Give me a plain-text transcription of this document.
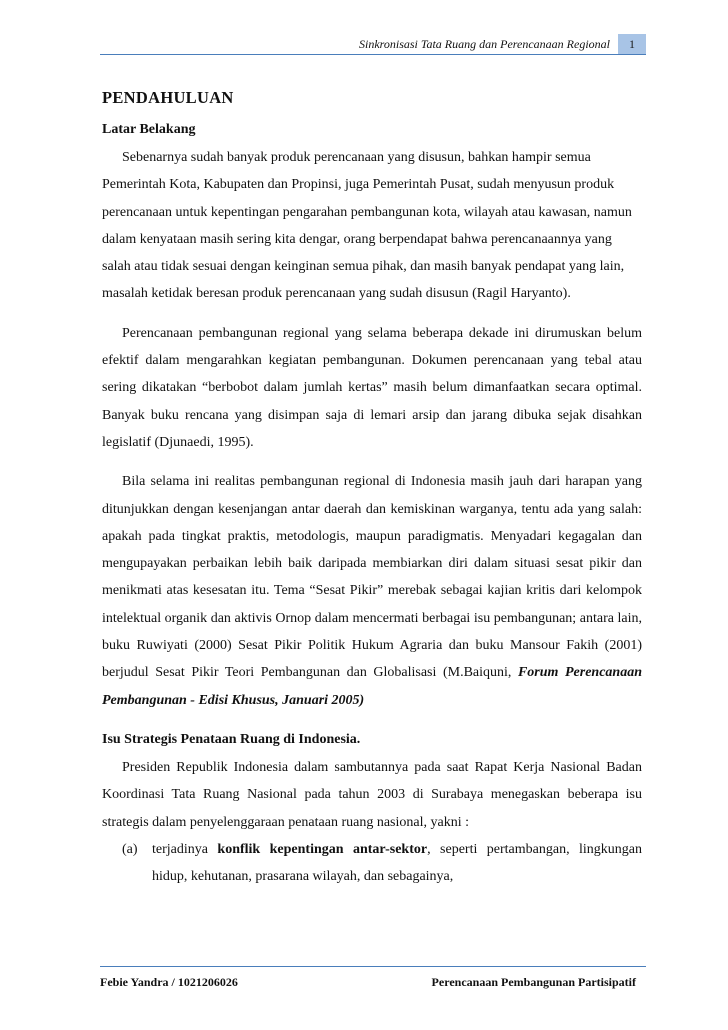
Sinkronisasi Tata Ruang dan Perencanaan Regional	1
PENDAHULUAN
Latar Belakang

Sebenarnya sudah banyak produk perencanaan yang disusun, bahkan hampir semua Pemerintah Kota, Kabupaten dan Propinsi, juga Pemerintah Pusat, sudah menyusun produk perencanaan untuk kepentingan pengarahan pembangunan kota, wilayah atau kawasan, namun dalam kenyataan masih sering kita dengar, orang berpendapat bahwa perencanaannya yang salah atau tidak sesuai dengan keinginan semua pihak, dan masih banyak pendapat yang lain, masalah ketidak beresan produk perencanaan yang sudah disusun (Ragil Haryanto).

Perencanaan pembangunan regional yang selama beberapa dekade ini dirumuskan belum efektif dalam mengarahkan kegiatan pembangunan. Dokumen perencanaan yang tebal atau sering dikatakan “berbobot dalam jumlah kertas” masih belum dimanfaatkan secara optimal. Banyak buku rencana yang disimpan saja di lemari arsip dan jarang dibuka sejak disahkan legislatif (Djunaedi, 1995).

Bila selama ini realitas pembangunan regional di Indonesia masih jauh dari harapan yang ditunjukkan dengan kesenjangan antar daerah dan kemiskinan warganya, tentu ada yang salah: apakah pada tingkat praktis, metodologis, maupun paradigmatis. Menyadari kegagalan dan mengupayakan perbaikan lebih baik daripada membiarkan diri dalam situasi sesat pikir dan menikmati atas kesesatan itu. Tema “Sesat Pikir” merebak sebagai kajian kritis dari kelompok intelektual organik dan aktivis Ornop dalam mencermati berbagai isu pembangunan; antara lain, buku Ruwiyati (2000) Sesat Pikir Politik Hukum Agraria dan buku Mansour Fakih (2001) berjudul Sesat Pikir Teori Pembangunan dan Globalisasi (M.Baiquni, Forum Perencanaan Pembangunan - Edisi Khusus, Januari 2005)

Isu Strategis Penataan Ruang di Indonesia.

Presiden Republik Indonesia dalam sambutannya pada saat Rapat Kerja Nasional Badan Koordinasi Tata Ruang Nasional pada tahun 2003 di Surabaya menegaskan beberapa isu strategis dalam penyelenggaraan penataan ruang nasional, yakni :

(a) terjadinya konflik kepentingan antar-sektor, seperti pertambangan, lingkungan hidup, kehutanan, prasarana wilayah, dan sebagainya,
Febie Yandra / 1021206026	Perencanaan Pembangunan Partisipatif
